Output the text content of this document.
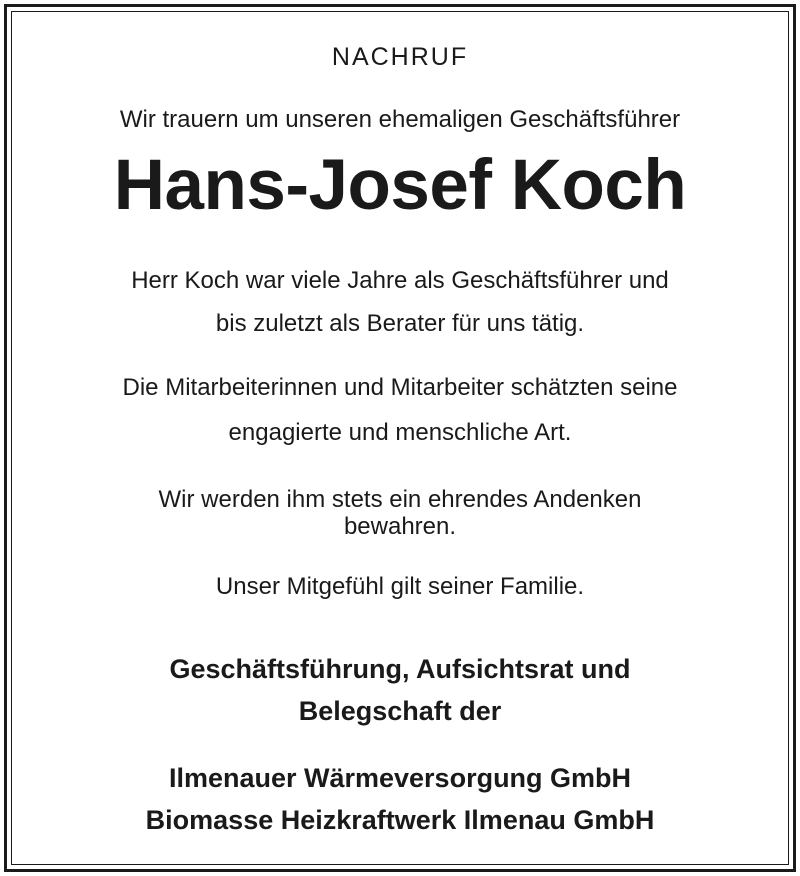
NACHRUF
Wir trauern um unseren ehemaligen Geschäftsführer
Hans-Josef Koch
Herr Koch war viele Jahre als Geschäftsführer und
bis zuletzt als Berater für uns tätig.
Die Mitarbeiterinnen und Mitarbeiter schätzten seine
engagierte und menschliche Art.
Wir werden ihm stets ein ehrendes Andenken
bewahren.
Unser Mitgefühl gilt seiner Familie.
Geschäftsführung, Aufsichtsrat und
Belegschaft der
Ilmenauer Wärmeversorgung GmbH
Biomasse Heizkraftwerk Ilmenau GmbH
